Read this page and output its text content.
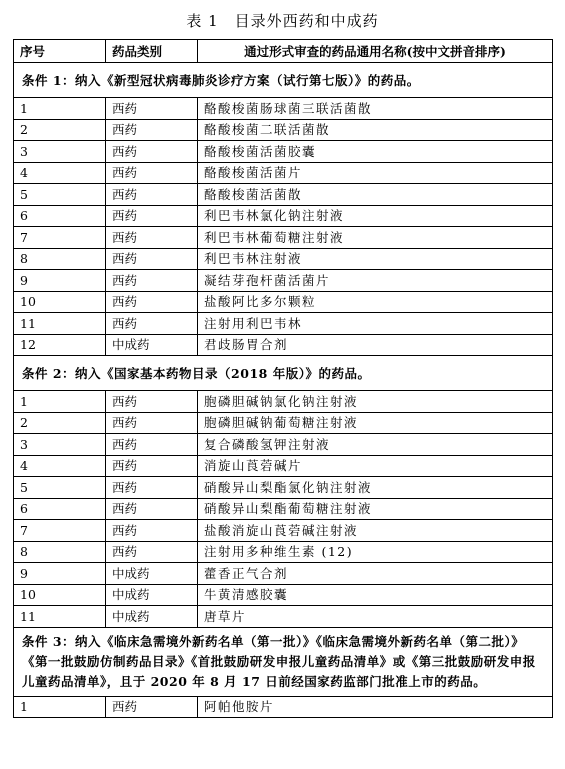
表 1　目录外西药和中成药
序号	药品类别	通过形式审查的药品通用名称(按中文拼音排序)
条件 1：纳入《新型冠状病毒肺炎诊疗方案（试行第七版）》的药品。		
1	西药	酪酸梭菌肠球菌三联活菌散
2	西药	酪酸梭菌二联活菌散
3	西药	酪酸梭菌活菌胶囊
4	西药	酪酸梭菌活菌片
5	西药	酪酸梭菌活菌散
6	西药	利巴韦林氯化钠注射液
7	西药	利巴韦林葡萄糖注射液
8	西药	利巴韦林注射液
9	西药	凝结芽孢杆菌活菌片
10	西药	盐酸阿比多尔颗粒
11	西药	注射用利巴韦林
12	中成药	君歧肠胃合剂
条件 2：纳入《国家基本药物目录（2018 年版）》的药品。		
1	西药	胞磷胆碱钠氯化钠注射液
2	西药	胞磷胆碱钠葡萄糖注射液
3	西药	复合磷酸氢钾注射液
4	西药	消旋山莨菪碱片
5	西药	硝酸异山梨酯氯化钠注射液
6	西药	硝酸异山梨酯葡萄糖注射液
7	西药	盐酸消旋山莨菪碱注射液
8	西药	注射用多种维生素 (12)
9	中成药	藿香正气合剂
10	中成药	牛黄清感胶囊
11	中成药	唐草片
条件 3：纳入《临床急需境外新药名单（第一批）》《临床急需境外新药名单（第二批）》《第一批鼓励仿制药品目录》《首批鼓励研发申报儿童药品清单》或《第三批鼓励研发申报儿童药品清单》，且于 2020 年 8 月 17 日前经国家药监部门批准上市的药品。		
1	西药	阿帕他胺片
